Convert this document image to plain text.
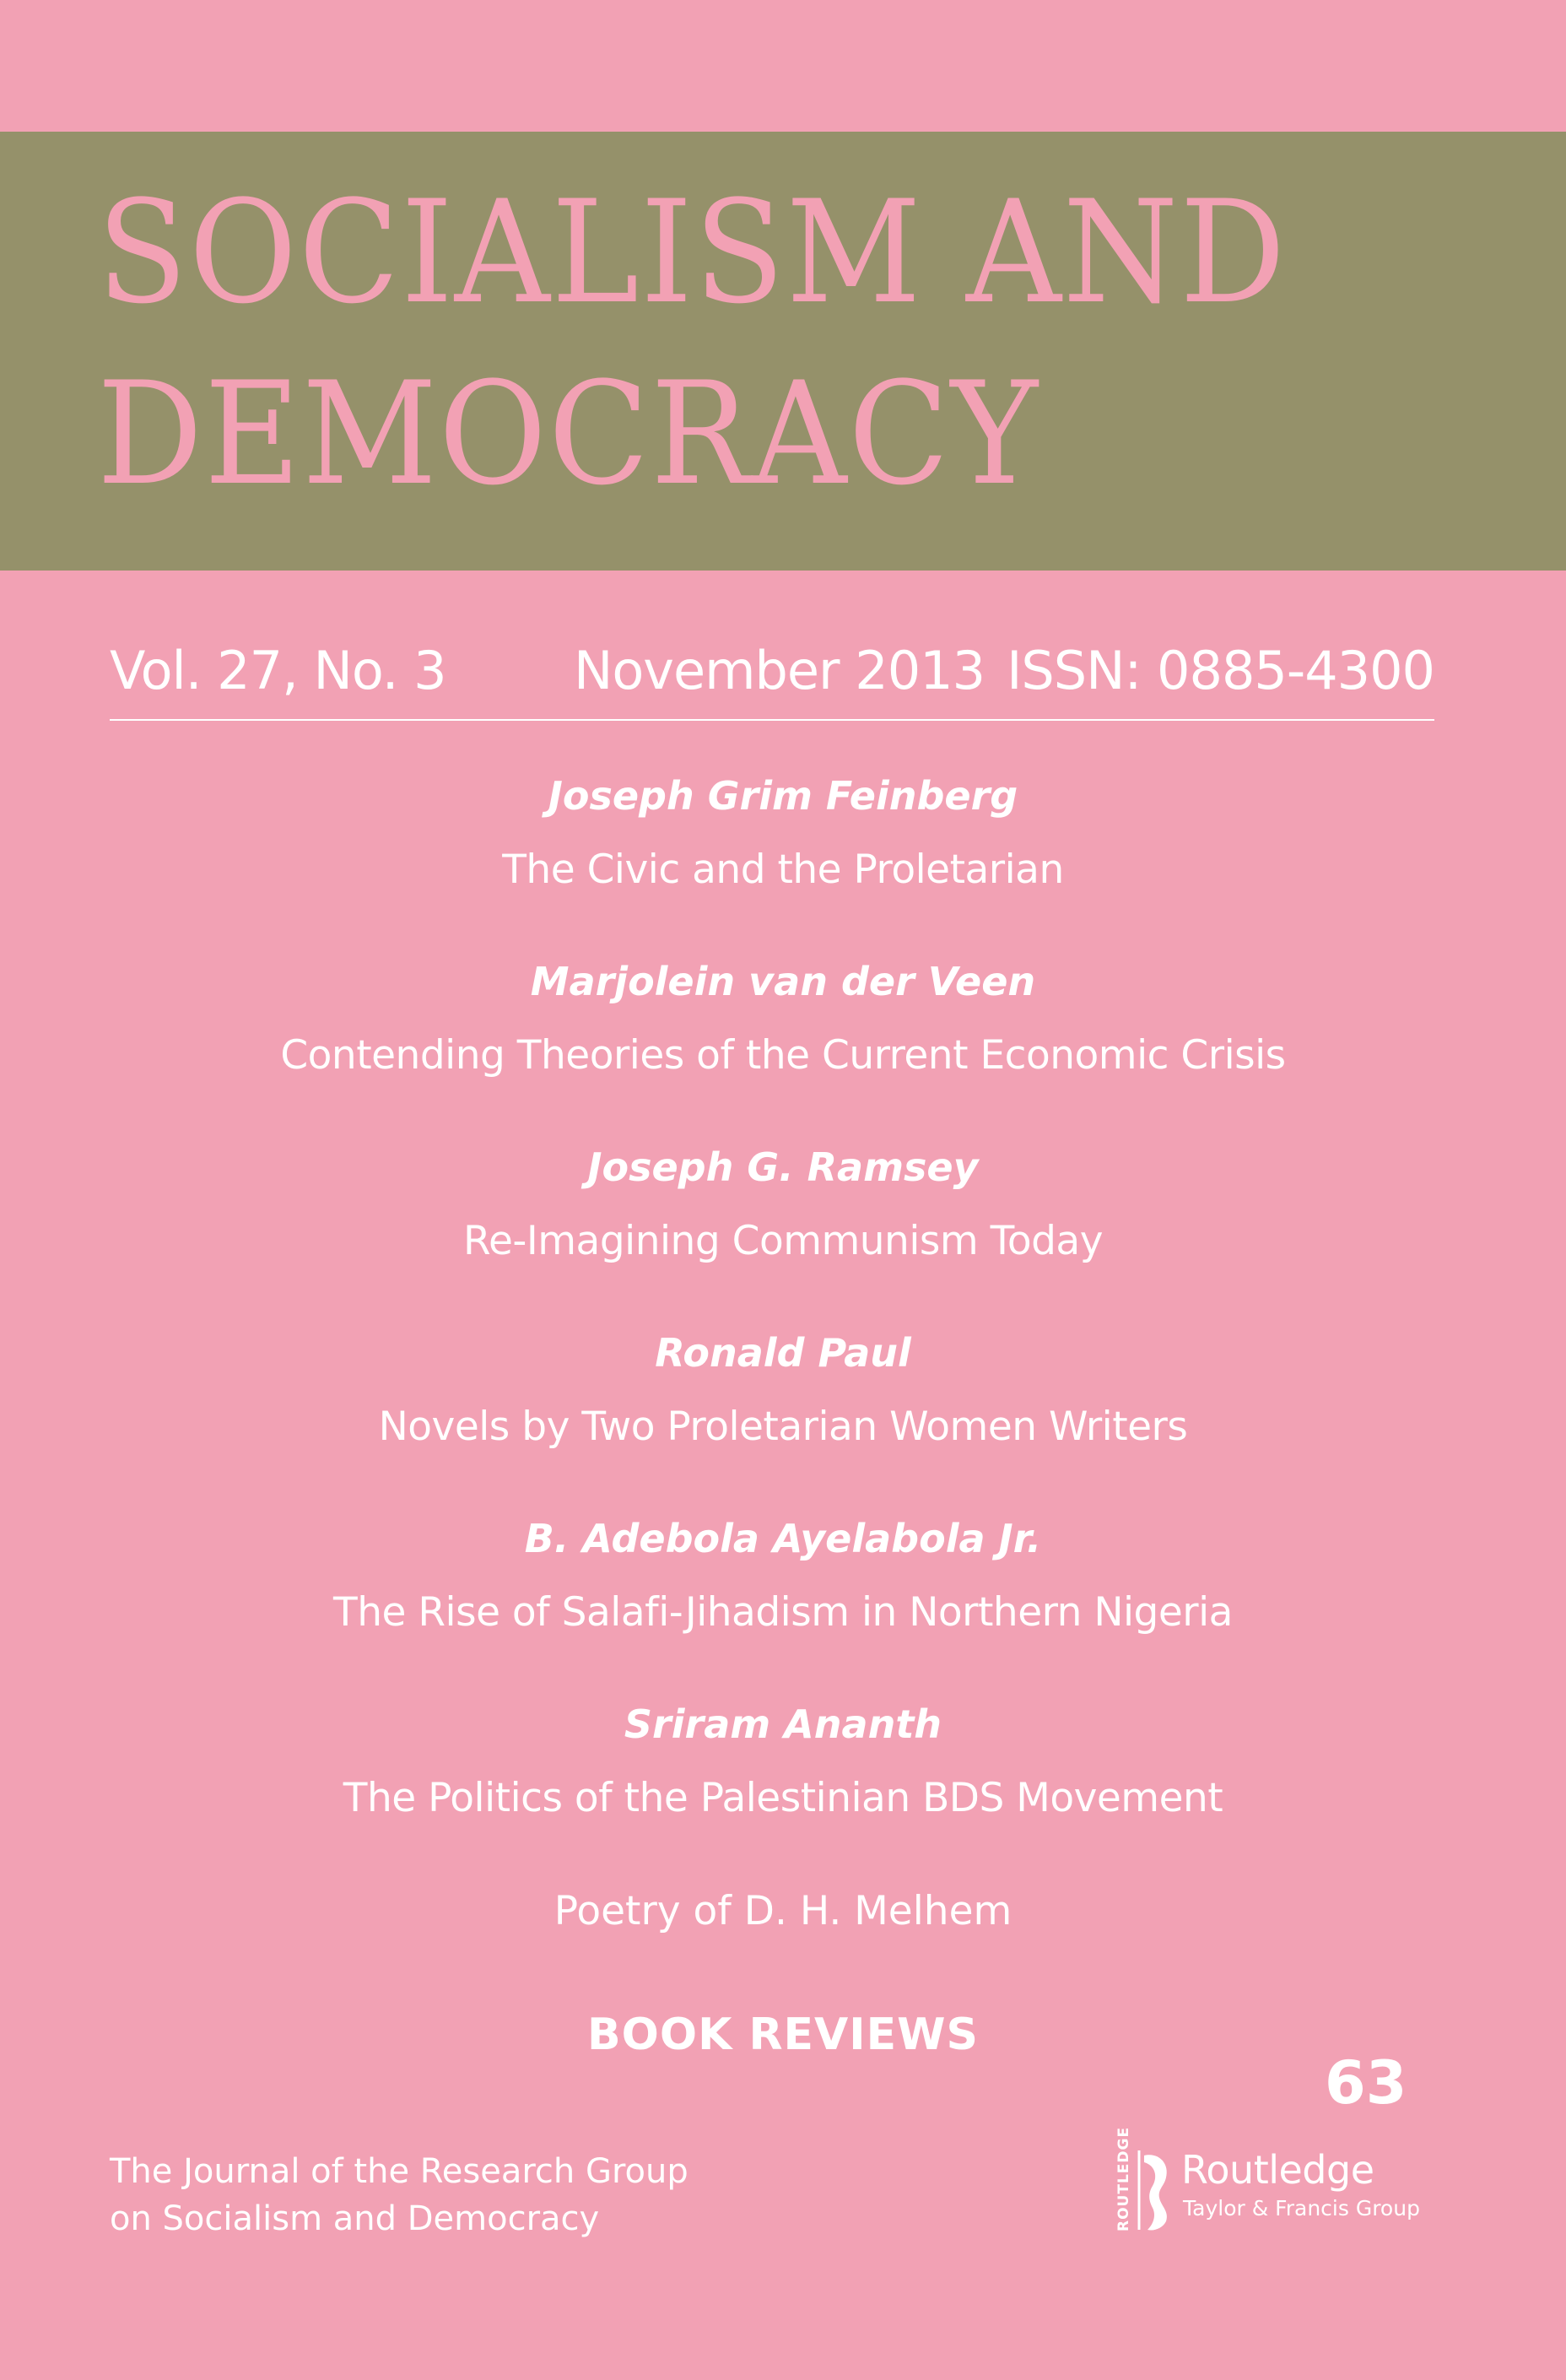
SOCIALISM AND
DEMOCRACY
Vol. 27, No. 3 November 2013 ISSN: 0885-4300
Joseph Grim Feinberg
The Civic and the Proletarian
Marjolein van der Veen
Contending Theories of the Current Economic Crisis
Joseph G. Ramsey
Re-Imagining Communism Today
Ronald Paul
Novels by Two Proletarian Women Writers
B. Adebola Ayelabola Jr.
The Rise of Salafi-Jihadism in Northern Nigeria
Sriram Ananth
The Politics of the Palestinian BDS Movement
Poetry of D. H. Melhem
BOOK REVIEWS
63
The Journal of the Research Group
on Socialism and Democracy	ROUTLEDGE Routledge
Taylor & Francis Group
